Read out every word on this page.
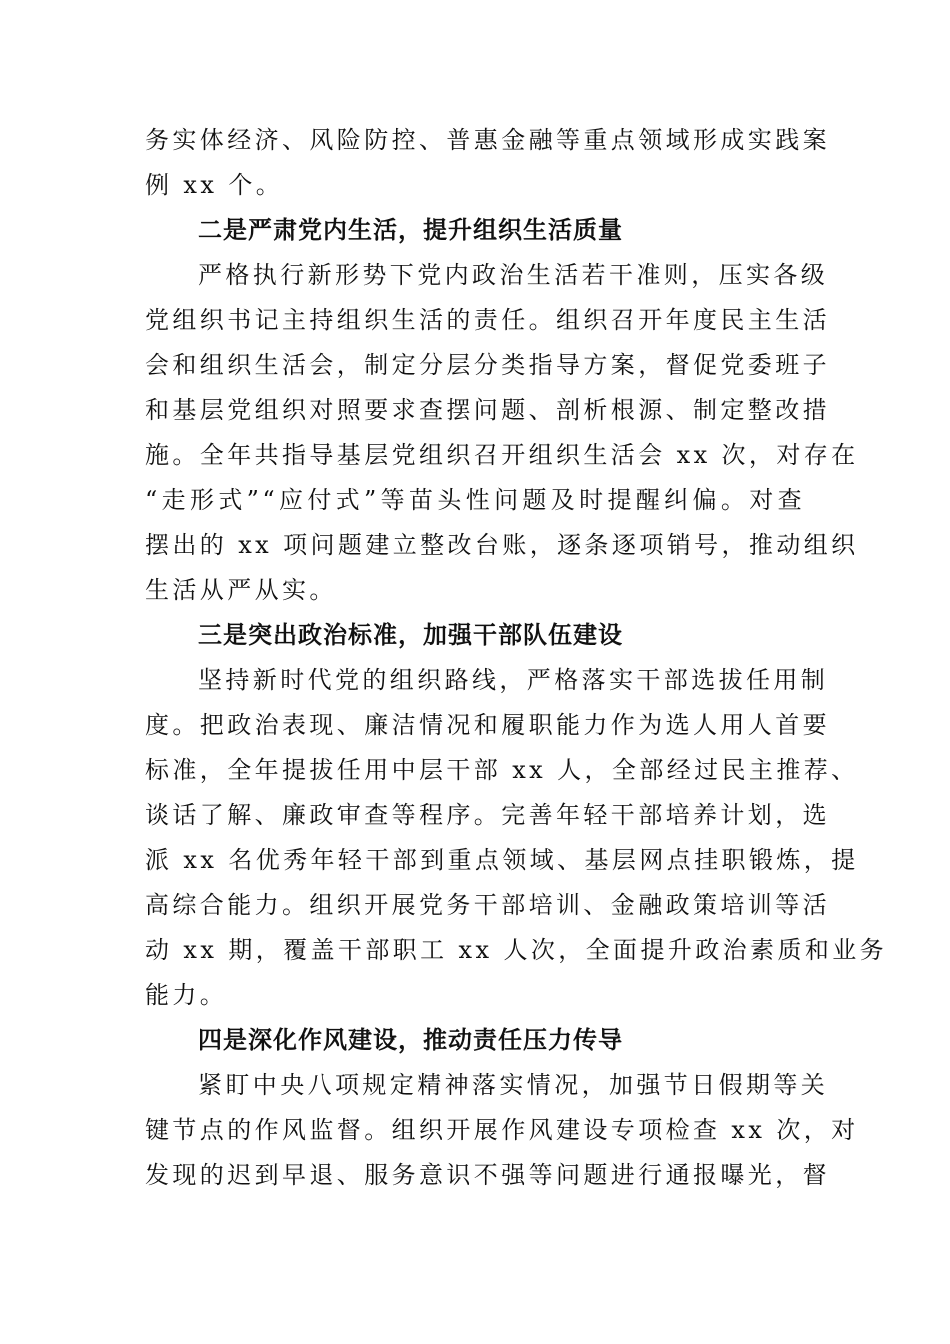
务实体经济、风险防控、普惠金融等重点领域形成实践案
例 xx 个。
二是严肃党内生活，提升组织生活质量
严格执行新形势下党内政治生活若干准则，压实各级
党组织书记主持组织生活的责任。组织召开年度民主生活
会和组织生活会，制定分层分类指导方案，督促党委班子
和基层党组织对照要求查摆问题、剖析根源、制定整改措
施。全年共指导基层党组织召开组织生活会 xx 次，对存在
“走形式”“应付式”等苗头性问题及时提醒纠偏。对查
摆出的 xx 项问题建立整改台账，逐条逐项销号，推动组织
生活从严从实。
三是突出政治标准，加强干部队伍建设
坚持新时代党的组织路线，严格落实干部选拔任用制
度。把政治表现、廉洁情况和履职能力作为选人用人首要
标准，全年提拔任用中层干部 xx 人，全部经过民主推荐、
谈话了解、廉政审查等程序。完善年轻干部培养计划，选
派 xx 名优秀年轻干部到重点领域、基层网点挂职锻炼，提
高综合能力。组织开展党务干部培训、金融政策培训等活
动 xx 期，覆盖干部职工 xx 人次，全面提升政治素质和业务
能力。
四是深化作风建设，推动责任压力传导
紧盯中央八项规定精神落实情况，加强节日假期等关
键节点的作风监督。组织开展作风建设专项检查 xx 次，对
发现的迟到早退、服务意识不强等问题进行通报曝光，督
